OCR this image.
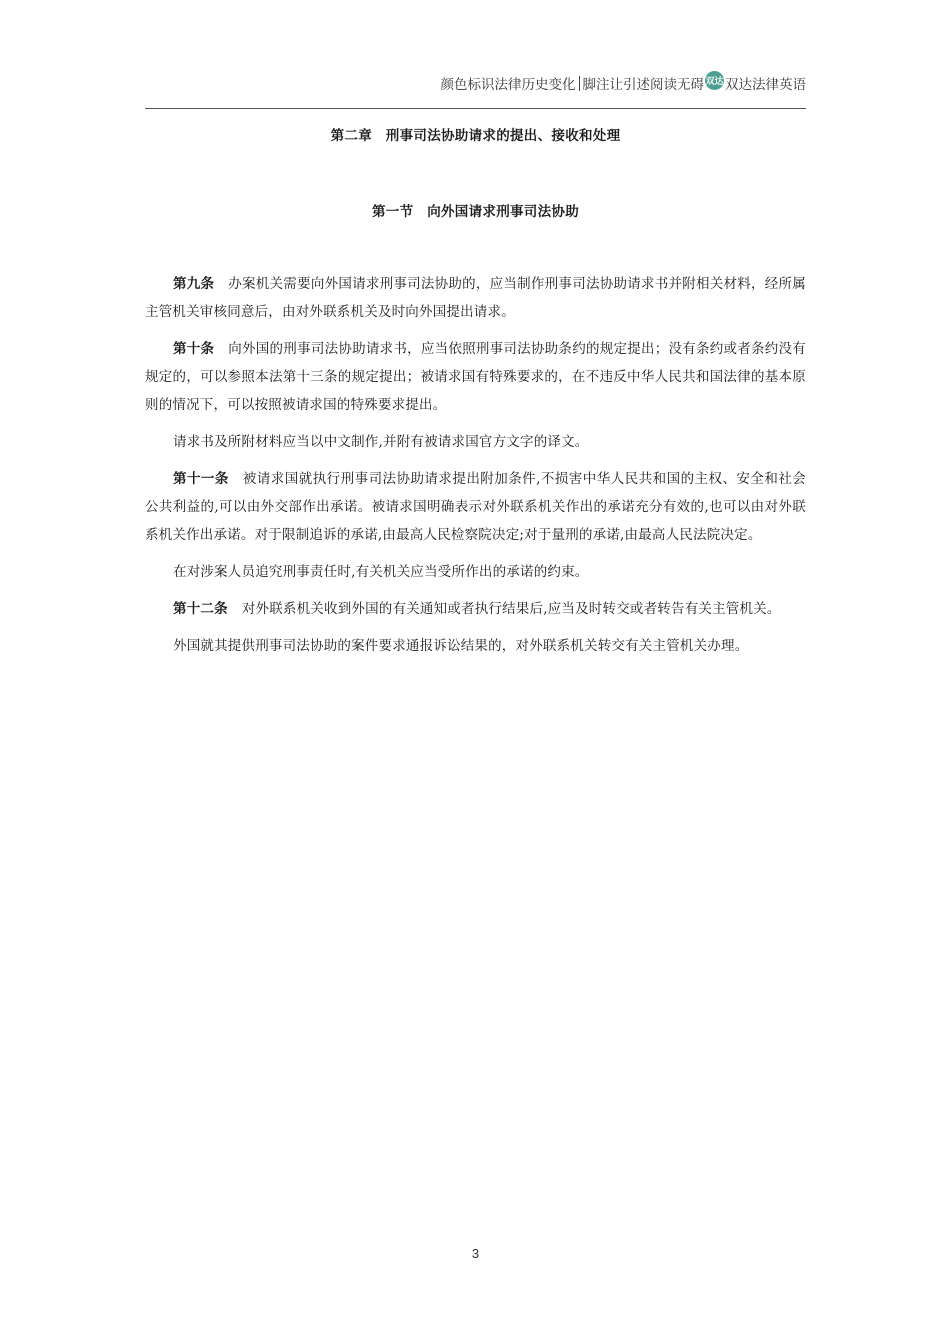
颜色标识法律历史变化 脚注让引述阅读无碍 双达 双达法律英语
第二章　刑事司法协助请求的提出、接收和处理
第一节　向外国请求刑事司法协助

第九条 办案机关需要向外国请求刑事司法协助的，应当制作刑事司法协助请求书并附相关材料，经所属主管机关审核同意后，由对外联系机关及时向外国提出请求。

第十条 向外国的刑事司法协助请求书，应当依照刑事司法协助条约的规定提出；没有条约或者条约没有规定的，可以参照本法第十三条的规定提出；被请求国有特殊要求的，在不违反中华人民共和国法律的基本原则的情况下，可以按照被请求国的特殊要求提出。

请求书及所附材料应当以中文制作,并附有被请求国官方文字的译文。

第十一条 被请求国就执行刑事司法协助请求提出附加条件,不损害中华人民共和国的主权、安全和社会公共利益的,可以由外交部作出承诺。被请求国明确表示对外联系机关作出的承诺充分有效的,也可以由对外联系机关作出承诺。对于限制追诉的承诺,由最高人民检察院决定;对于量刑的承诺,由最高人民法院决定。

在对涉案人员追究刑事责任时,有关机关应当受所作出的承诺的约束。

第十二条 对外联系机关收到外国的有关通知或者执行结果后,应当及时转交或者转告有关主管机关。

外国就其提供刑事司法协助的案件要求通报诉讼结果的，对外联系机关转交有关主管机关办理。

3
